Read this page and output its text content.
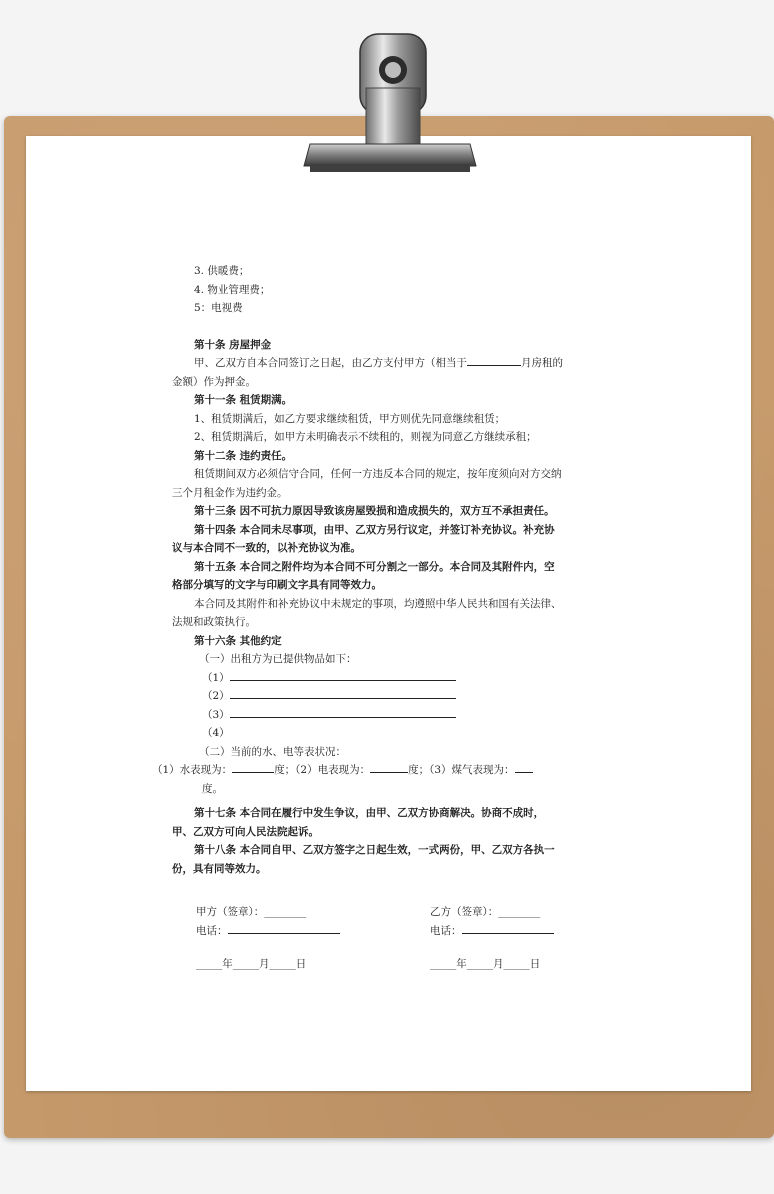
3. 供暖费；
4. 物业管理费；
5：电视费
第十条 房屋押金
甲、乙双方自本合同签订之日起，由乙方支付甲方（相当于	月房租的
金额）作为押金。
第十一条 租赁期满。
1、租赁期满后，如乙方要求继续租赁，甲方则优先同意继续租赁；
2、租赁期满后，如甲方未明确表示不续租的，则视为同意乙方继续承租；
第十二条 违约责任。
租赁期间双方必须信守合同，任何一方违反本合同的规定，按年度须向对方交纳
三个月租金作为违约金。
第十三条 因不可抗力原因导致该房屋毁损和造成损失的，双方互不承担责任。
第十四条 本合同未尽事项，由甲、乙双方另行议定，并签订补充协议。补充协
议与本合同不一致的，以补充协议为准。
第十五条 本合同之附件均为本合同不可分割之一部分。本合同及其附件内，空
格部分填写的文字与印刷文字具有同等效力。
本合同及其附件和补充协议中未规定的事项，均遵照中华人民共和国有关法律、
法规和政策执行。
第十六条 其他约定
（一）出租方为已提供物品如下：
（1）
（2）
（3）
（4）
（二）当前的水、电等表状况：
（1）水表现为：	度；（2）电表现为：	度；（3）煤气表现为：
度。
第十七条 本合同在履行中发生争议，由甲、乙双方协商解决。协商不成时，
甲、乙双方可向人民法院起诉。
第十八条 本合同自甲、乙双方签字之日起生效，一式两份，甲、乙双方各执一
份，具有同等效力。
甲方（签章）：________	乙方（签章）：________
电话：	电话：
_____年_____月_____日	_____年_____月_____日
